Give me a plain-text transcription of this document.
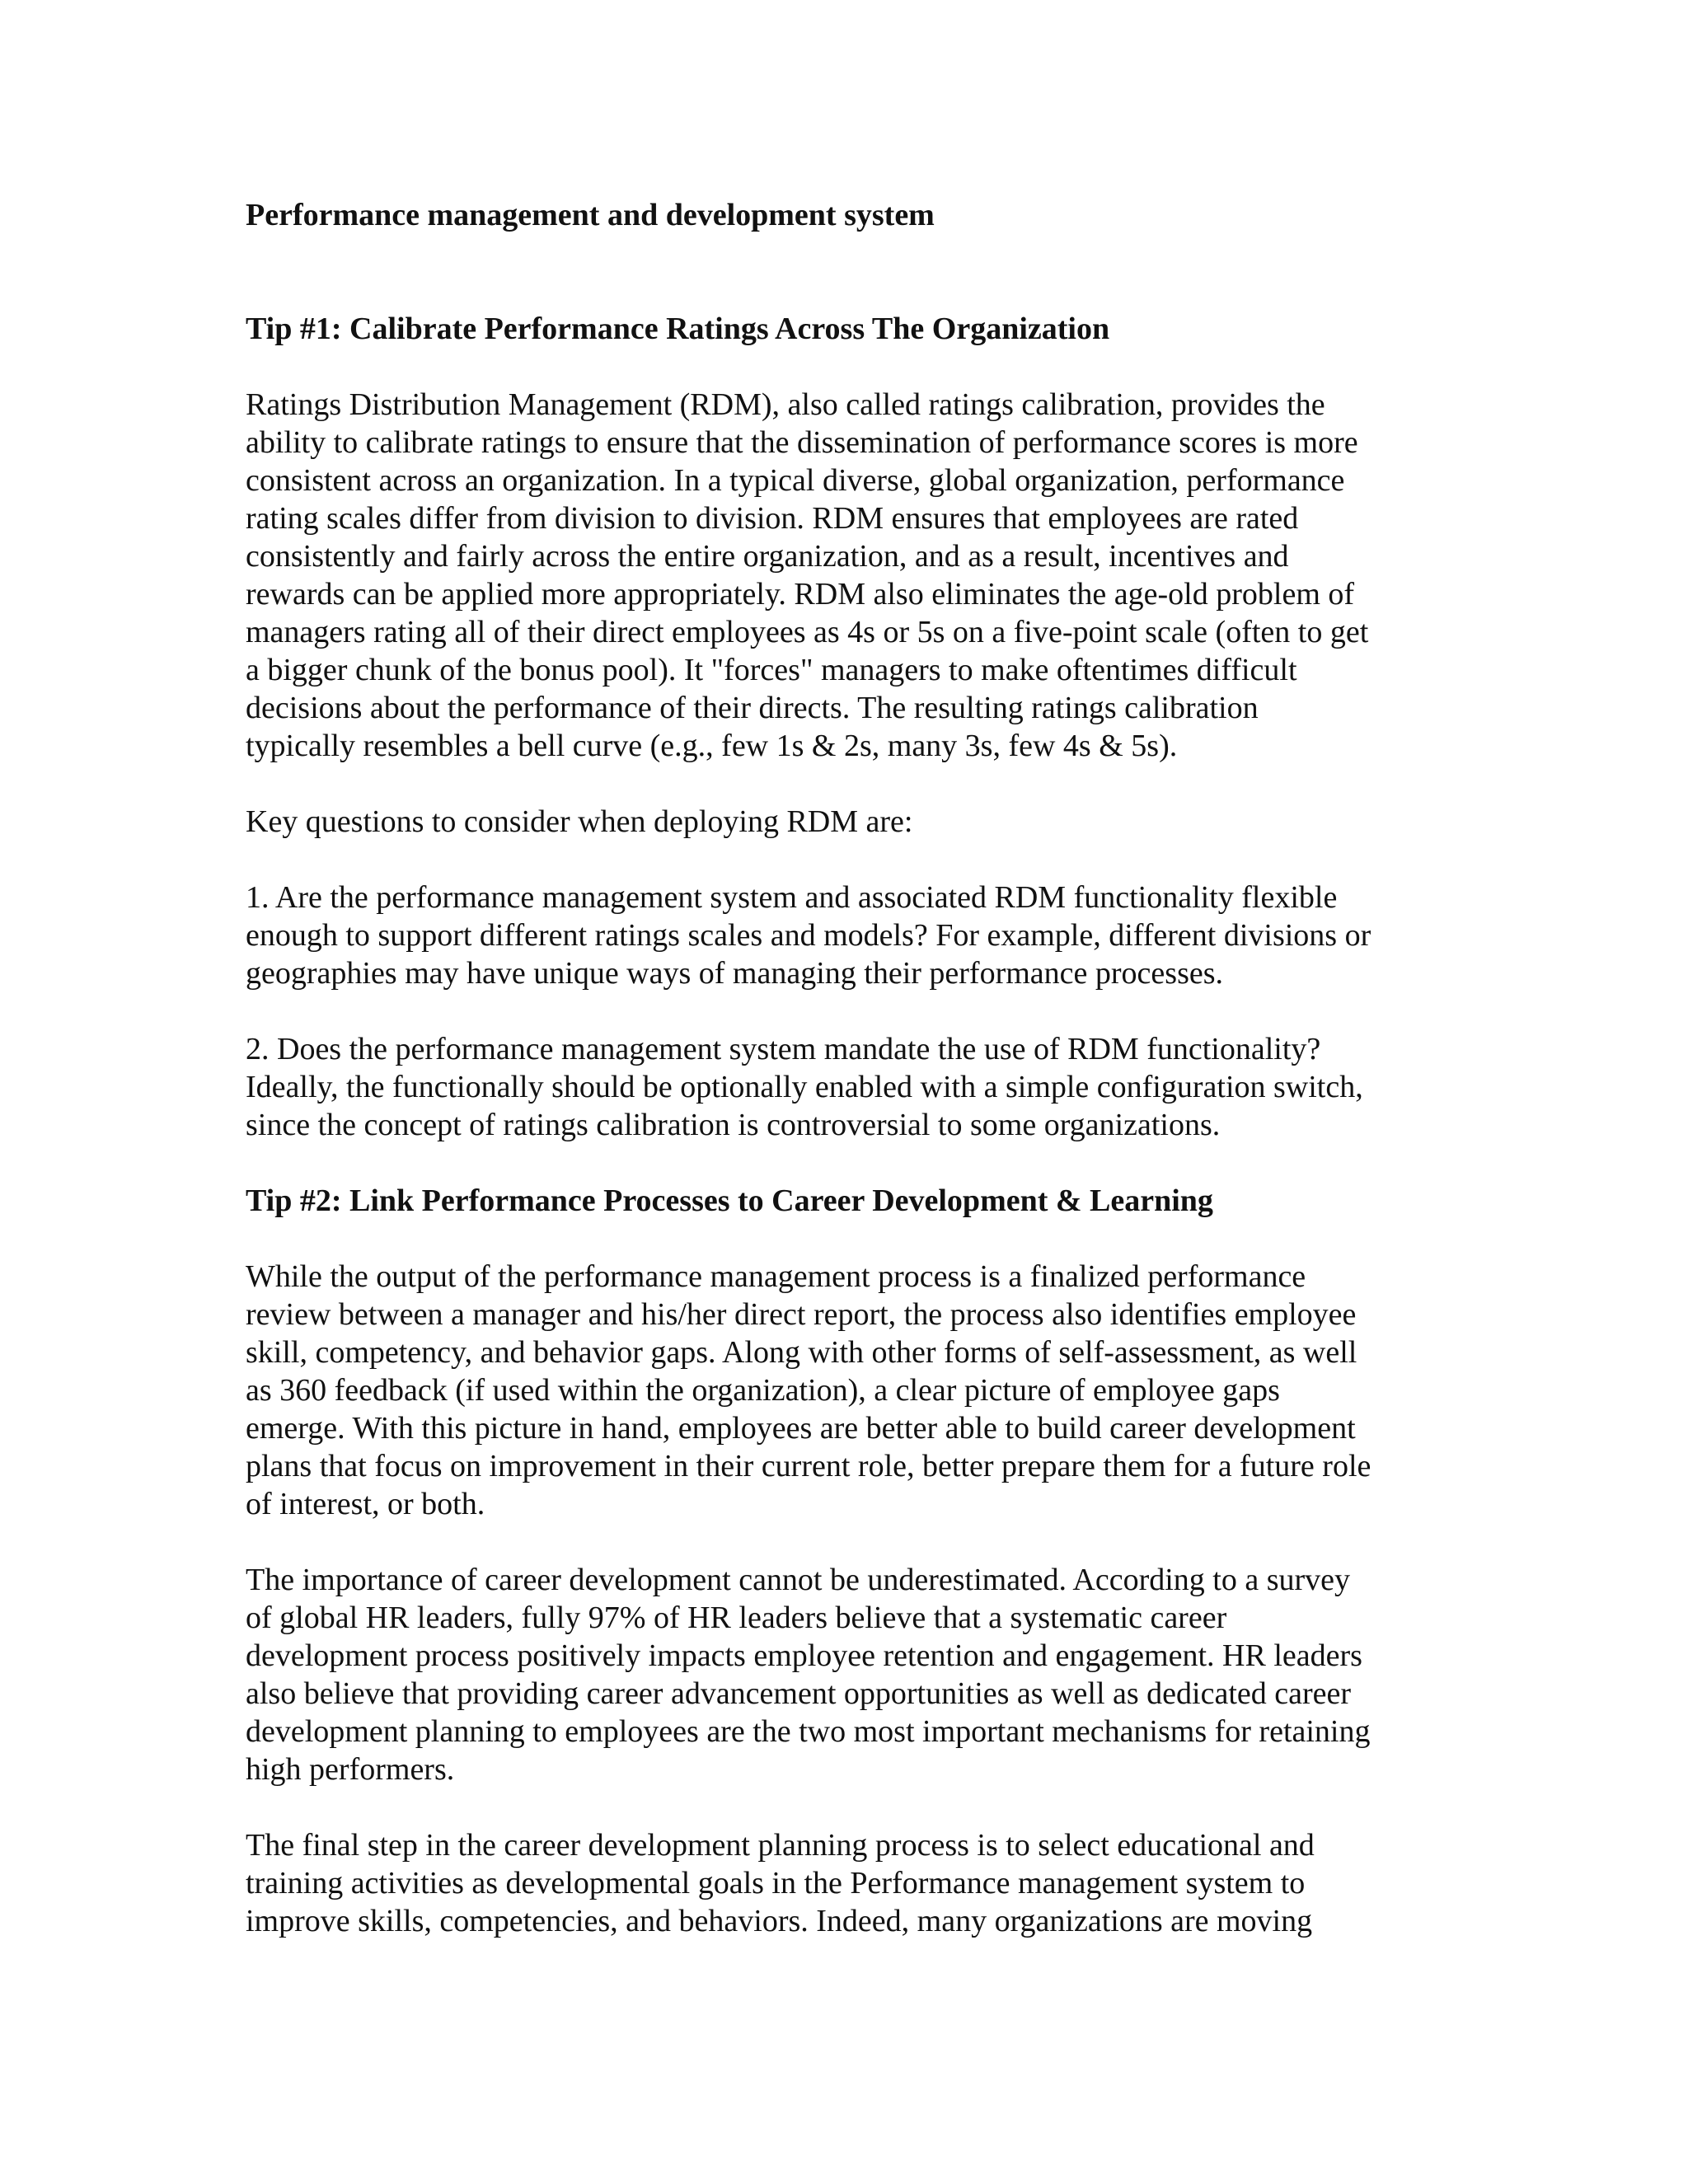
Performance management and development system
Tip #1: Calibrate Performance Ratings Across The Organization
Ratings Distribution Management (RDM), also called ratings calibration, provides the
ability to calibrate ratings to ensure that the dissemination of performance scores is more
consistent across an organization. In a typical diverse, global organization, performance
rating scales differ from division to division. RDM ensures that employees are rated
consistently and fairly across the entire organization, and as a result, incentives and
rewards can be applied more appropriately. RDM also eliminates the age-old problem of
managers rating all of their direct employees as 4s or 5s on a five-point scale (often to get
a bigger chunk of the bonus pool). It "forces" managers to make oftentimes difficult
decisions about the performance of their directs. The resulting ratings calibration
typically resembles a bell curve (e.g., few 1s & 2s, many 3s, few 4s & 5s).
Key questions to consider when deploying RDM are:
1. Are the performance management system and associated RDM functionality flexible
enough to support different ratings scales and models? For example, different divisions or
geographies may have unique ways of managing their performance processes.
2. Does the performance management system mandate the use of RDM functionality?
Ideally, the functionally should be optionally enabled with a simple configuration switch,
since the concept of ratings calibration is controversial to some organizations.
Tip #2: Link Performance Processes to Career Development & Learning
While the output of the performance management process is a finalized performance
review between a manager and his/her direct report, the process also identifies employee
skill, competency, and behavior gaps. Along with other forms of self-assessment, as well
as 360 feedback (if used within the organization), a clear picture of employee gaps
emerge. With this picture in hand, employees are better able to build career development
plans that focus on improvement in their current role, better prepare them for a future role
of interest, or both.
The importance of career development cannot be underestimated. According to a survey
of global HR leaders, fully 97% of HR leaders believe that a systematic career
development process positively impacts employee retention and engagement. HR leaders
also believe that providing career advancement opportunities as well as dedicated career
development planning to employees are the two most important mechanisms for retaining
high performers.
The final step in the career development planning process is to select educational and
training activities as developmental goals in the Performance management system to
improve skills, competencies, and behaviors. Indeed, many organizations are moving
